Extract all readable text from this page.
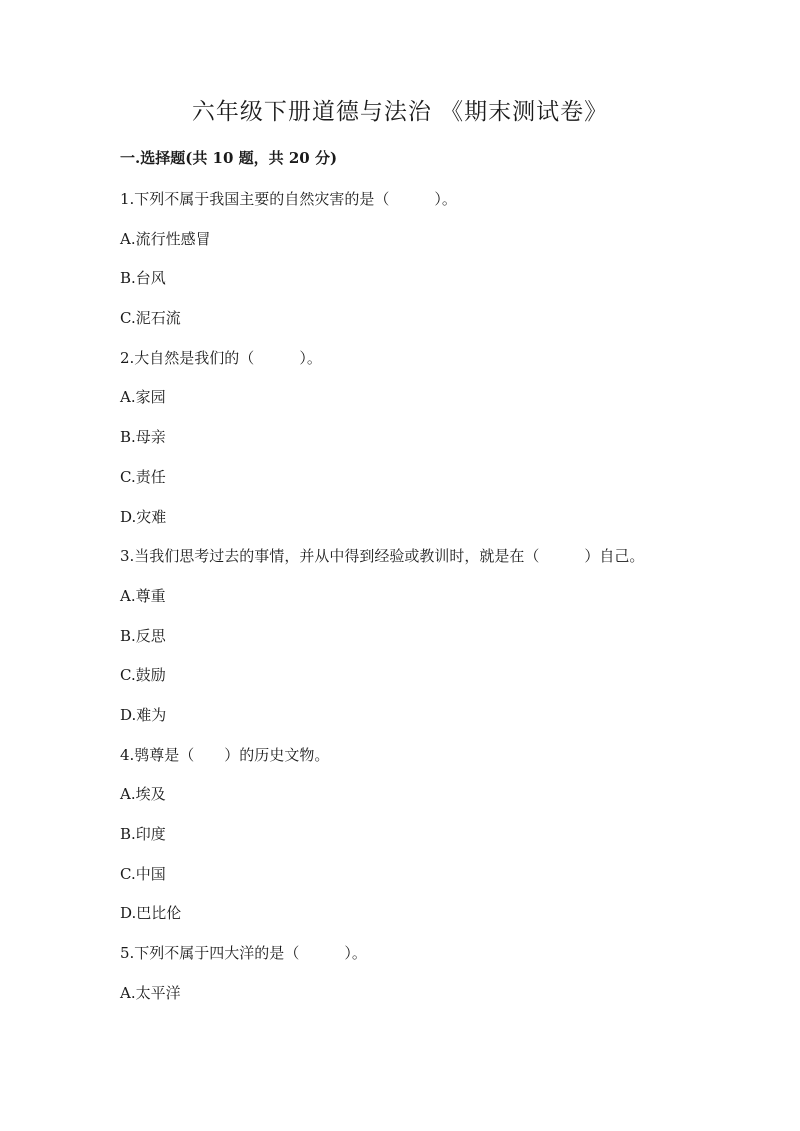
六年级下册道德与法治 《期末测试卷》
一.选择题(共 10 题，共 20 分)
1.下列不属于我国主要的自然灾害的是（　　　）。
A.流行性感冒
B.台风
C.泥石流
2.大自然是我们的（　　　）。
A.家园
B.母亲
C.责任
D.灾难
3.当我们思考过去的事情，并从中得到经验或教训时，就是在（　　　）自己。
A.尊重
B.反思
C.鼓励
D.难为
4.鸮尊是（　　）的历史文物。
A.埃及
B.印度
C.中国
D.巴比伦
5.下列不属于四大洋的是（　　　）。
A.太平洋
